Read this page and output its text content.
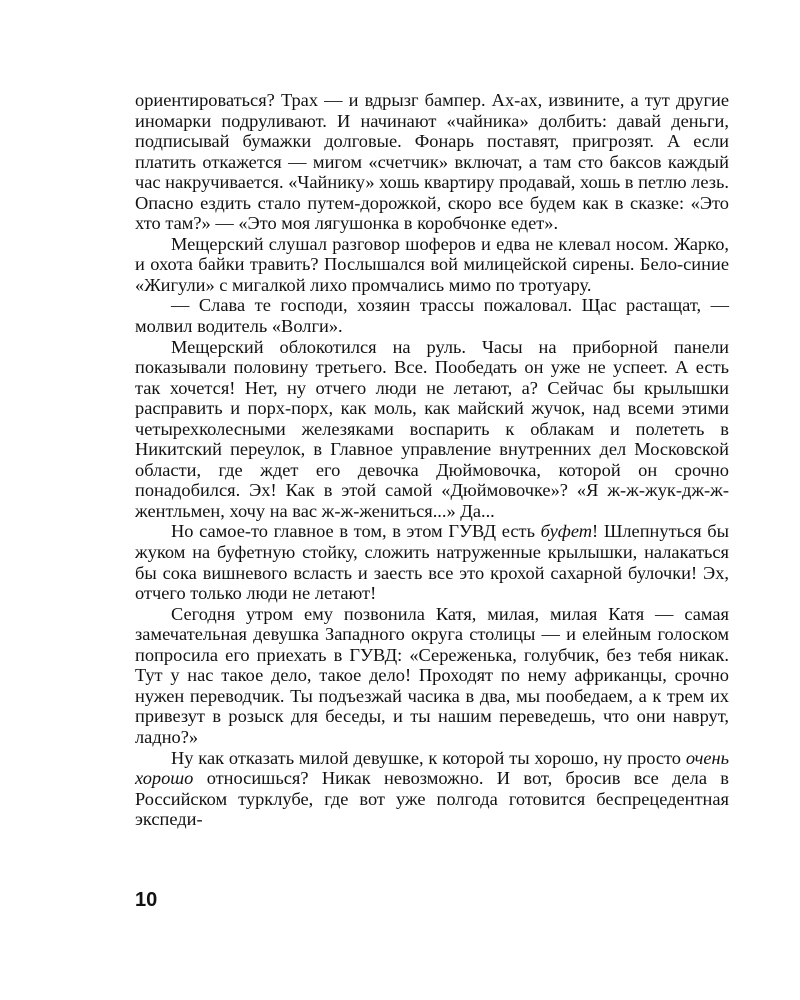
ориентироваться? Трах — и вдрызг бампер. Ах-ах, извините, а тут другие иномарки подруливают. И начинают «чайника» долбить: давай деньги, подписывай бумажки долговые. Фонарь поставят, пригрозят. А если платить откажется — мигом «счетчик» включат, а там сто баксов каждый час накручивается. «Чайнику» хошь квартиру продавай, хошь в петлю лезь. Опасно ездить стало путем-дорожкой, скоро все будем как в сказке: «Это хто там?» — «Это моя лягушонка в коробчонке едет».

Мещерский слушал разговор шоферов и едва не клевал носом. Жарко, и охота байки травить? Послышался вой милицейской сирены. Бело-синие «Жигули» с мигалкой лихо промчались мимо по тротуару.

— Слава те господи, хозяин трассы пожаловал. Щас растащат, — молвил водитель «Волги».

Мещерский облокотился на руль. Часы на приборной панели показывали половину третьего. Все. Пообедать он уже не успеет. А есть так хочется! Нет, ну отчего люди не летают, а? Сейчас бы крылышки расправить и порх-порх, как моль, как майский жучок, над всеми этими четырехколесными железяками воспарить к облакам и полететь в Никитский переулок, в Главное управление внутренних дел Московской области, где ждет его девочка Дюймовочка, которой он срочно понадобился. Эх! Как в этой самой «Дюймовочке»? «Я ж-ж-жук-дж-ж-жентльмен, хочу на вас ж-ж-жениться...» Да...

Но самое-то главное в том, в этом ГУВД есть буфет! Шлепнуться бы жуком на буфетную стойку, сложить натруженные крылышки, налакаться бы сока вишневого всласть и заесть все это крохой сахарной булочки! Эх, отчего только люди не летают!

Сегодня утром ему позвонила Катя, милая, милая Катя — самая замечательная девушка Западного округа столицы — и елейным голоском попросила его приехать в ГУВД: «Сереженька, голубчик, без тебя никак. Тут у нас такое дело, такое дело! Проходят по нему африканцы, срочно нужен переводчик. Ты подъезжай часика в два, мы пообедаем, а к трем их привезут в розыск для беседы, и ты нашим переведешь, что они наврут, ладно?»

Ну как отказать милой девушке, к которой ты хорошо, ну просто очень хорошо относишься? Никак невозможно. И вот, бросив все дела в Российском турклубе, где вот уже полгода готовится беспрецедентная экспеди-

10
